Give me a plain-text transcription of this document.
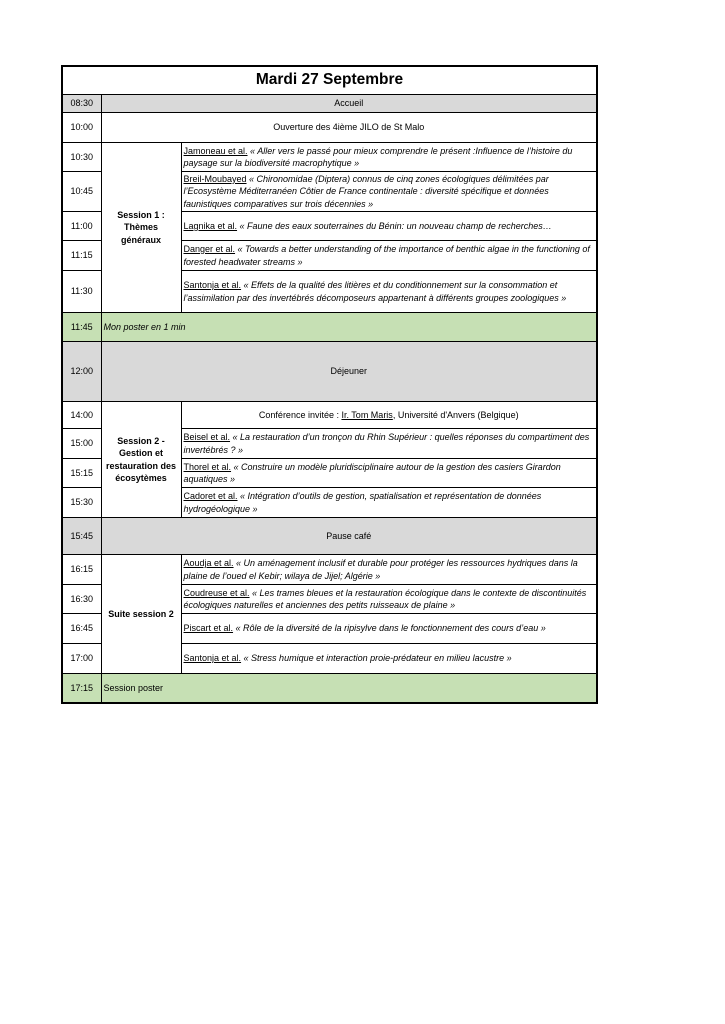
Mardi 27 Septembre		
08:30	Accueil	
10:00	Ouverture des 4ième JILO de St Malo	
10:30	Session 1 : Thèmes généraux	Jamoneau et al. « Aller vers le passé pour mieux comprendre le présent :Influence de l’histoire du paysage sur la biodiversité macrophytique »
10:45		Breil-Moubayed « Chironomidae (Diptera) connus de cinq zones écologiques délimitées par l’Ecosystème Méditerranéen Côtier de France continentale : diversité spécifique et données faunistiques comparatives sur trois décennies »
11:00		Lagnika et al. « Faune des eaux souterraines du Bénin: un nouveau champ de recherches…
11:15		Danger et al. « Towards a better understanding of the importance of benthic algae in the functioning of forested headwater streams »
11:30		Santonja et al. « Effets de la qualité des litières et du conditionnement sur la consommation et l’assimilation par des invertébrés décomposeurs appartenant à différents groupes zoologiques »
11:45	Mon poster en 1 min	
12:00	Déjeuner	
14:00	Session 2 - Gestion et restauration des écosytèmes	Conférence invitée : Ir. Tom Maris, Université d'Anvers (Belgique)
15:00		Beisel et al. « La restauration d’un tronçon du Rhin Supérieur : quelles réponses du compartiment des invertébrés ? »
15:15		Thorel et al. « Construire un modèle pluridisciplinaire autour de la gestion des casiers Girardon aquatiques »
15:30		Cadoret et al. « Intégration d’outils de gestion, spatialisation et représentation de données hydrogéologique »
15:45	Pause café	
16:15	Suite session 2	Aoudja et al. « Un aménagement inclusif et durable pour protéger les ressources hydriques dans la plaine de l’oued el Kebir; wilaya de Jijel; Algérie »
16:30		Coudreuse et al. « Les trames bleues et la restauration écologique dans le contexte de discontinuités écologiques naturelles et anciennes des petits ruisseaux de plaine »
16:45		Piscart et al. « Rôle de la diversité de la ripisylve dans le fonctionnement des cours d’eau »
17:00		Santonja et al. « Stress humique et interaction proie-prédateur en milieu lacustre »
17:15	Session poster	
